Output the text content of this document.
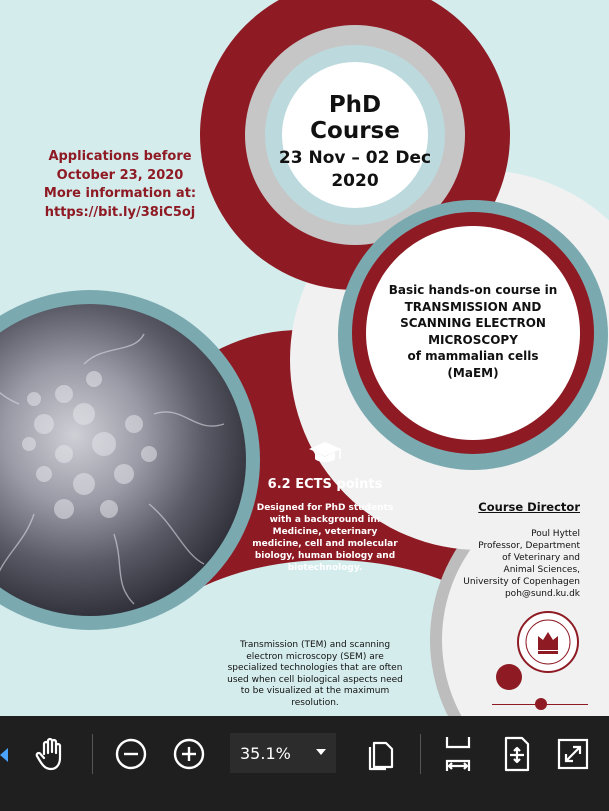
PhD Course
23 Nov – 02 Dec
2020
Basic hands-on course in
TRANSMISSION AND
SCANNING ELECTRON
MICROSCOPY
of mammalian cells
(MaEM)
Applications before
October 23, 2020
More information at:
https://bit.ly/38iC5oj
6.2 ECTS points
Designed for PhD students
with a background in:
Medicine, veterinary
medicine, cell and molecular
biology, human biology and
biotechnology.
Course Director
Poul Hyttel
Professor, Department
of Veterinary and
Animal Sciences,
University of Copenhagen
poh@sund.ku.dk
Transmission (TEM) and scanning
electron microscopy (SEM) are
specialized technologies that are often
used when cell biological aspects need
to be visualized at the maximum
resolution.
35.1%
